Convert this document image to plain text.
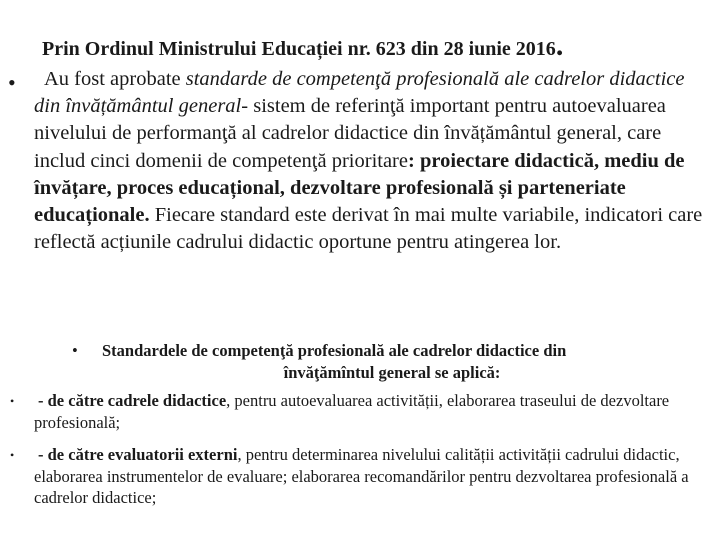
Prin Ordinul Ministrului Educației nr. 623 din 28 iunie 2016.
•	Au fost aprobate standarde de competenţă profesională ale cadrelor didactice din învățământul general- sistem de referinţă important pentru autoevaluarea nivelului de performanţă al cadrelor didactice din învățământul general, care includ cinci domenii de competenţă prioritare: proiectare didactică, mediu de învățare, proces educațional, dezvoltare profesională și parteneriate educaționale. Fiecare standard este derivat în mai multe variabile, indicatori care reflectă acțiunile cadrului didactic oportune pentru atingerea lor.
•	Standardele de competenţă profesională ale cadrelor didactice din
învăţămîntul general se aplică:
• - de către cadrele didactice, pentru autoevaluarea activității, elaborarea traseului de dezvoltare profesională;
• - de către evaluatorii externi, pentru determinarea nivelului calității activității cadrului didactic, elaborarea instrumentelor de evaluare; elaborarea recomandărilor pentru dezvoltarea profesională a cadrelor didactice;
